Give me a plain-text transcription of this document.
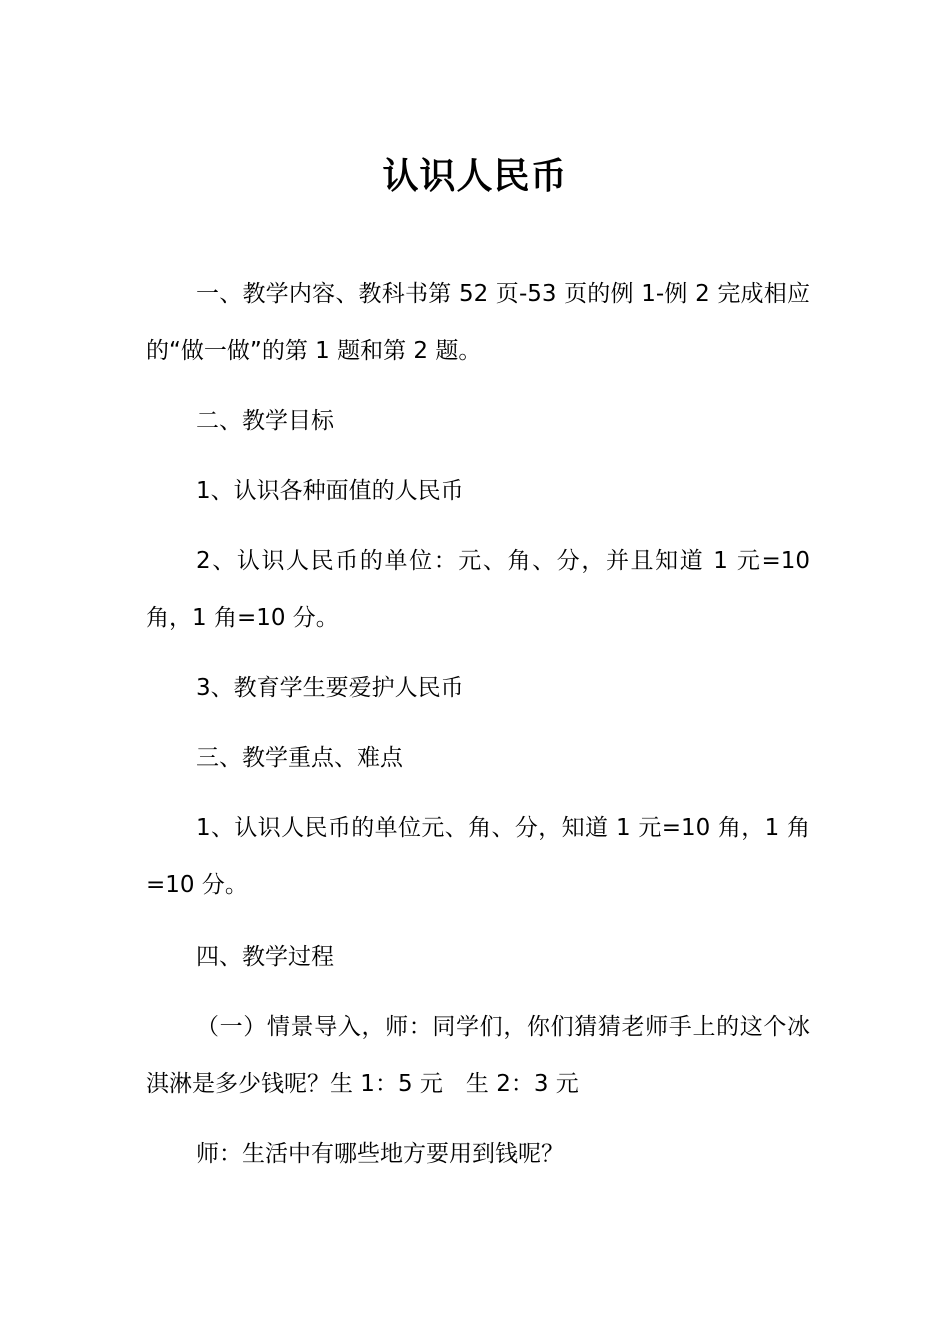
认识人民币

一、教学内容、教科书第 52 页-53 页的例 1-例 2 完成相应的“做一做”的第 1 题和第 2 题。

二、教学目标

1、认识各种面值的人民币

2、认识人民币的单位：元、角、分，并且知道 1 元=10 角，1 角=10 分。

3、教育学生要爱护人民币

三、教学重点、难点

1、认识人民币的单位元、角、分，知道 1 元=10 角，1 角=10 分。

四、教学过程

（一）情景导入，师：同学们，你们猜猜老师手上的这个冰淇淋是多少钱呢？生 1：5 元　生 2：3 元

师：生活中有哪些地方要用到钱呢？
